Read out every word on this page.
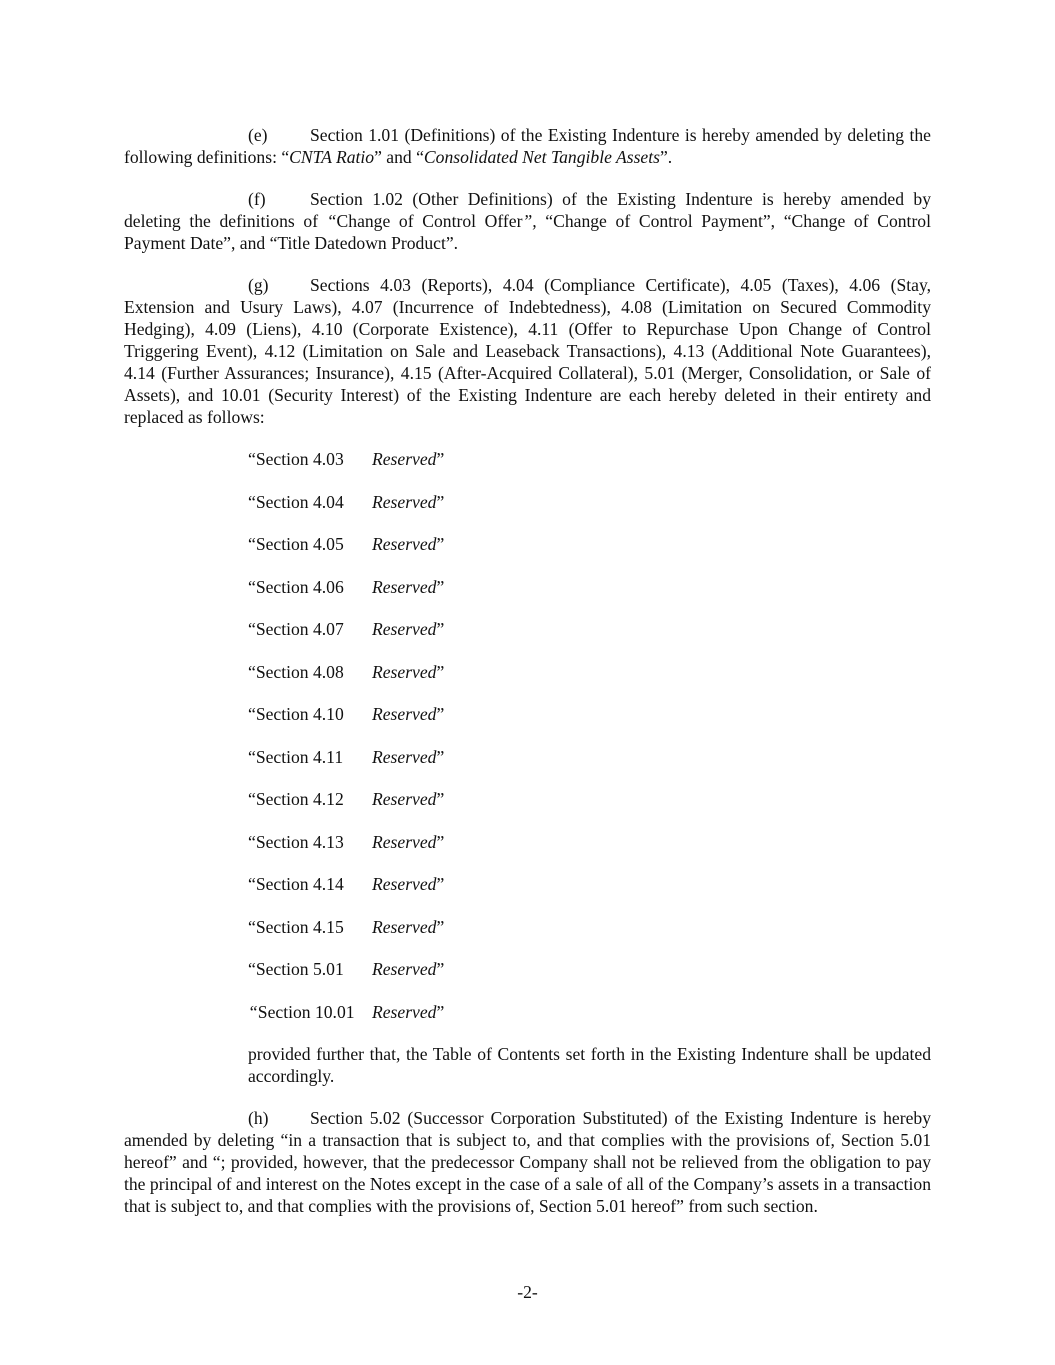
(e) Section 1.01 (Definitions) of the Existing Indenture is hereby amended by deleting the following definitions: “CNTA Ratio” and “Consolidated Net Tangible Assets”.

(f)	Section 1.02 (Other Definitions) of the Existing Indenture is hereby amended by deleting the definitions of “Change of Control Offer”, “Change of Control Payment”, “Change of Control Payment Date”, and “Title Datedown Product”.

(g) Sections 4.03 (Reports), 4.04 (Compliance Certificate), 4.05 (Taxes), 4.06 (Stay, Extension and Usury Laws), 4.07 (Incurrence of Indebtedness), 4.08 (Limitation on Secured Commodity Hedging), 4.09 (Liens), 4.10 (Corporate Existence), 4.11 (Offer to Repurchase Upon Change of Control Triggering Event), 4.12 (Limitation on Sale and Leaseback Transactions), 4.13 (Additional Note Guarantees), 4.14 (Further Assurances; Insurance), 4.15 (After-Acquired Collateral), 5.01 (Merger, Consolidation, or Sale of Assets), and 10.01 (Security Interest) of the Existing Indenture are each hereby deleted in their entirety and replaced as follows:

“Section 4.03 Reserved”
“Section 4.04 Reserved”
“Section 4.05 Reserved”
“Section 4.06 Reserved”
“Section 4.07 Reserved”
“Section 4.08 Reserved”
“Section 4.10 Reserved”
“Section 4.11 Reserved”
“Section 4.12 Reserved”
“Section 4.13 Reserved”
“Section 4.14 Reserved”
“Section 4.15 Reserved”
“Section 5.01 Reserved”
“Section 10.01 Reserved”

provided further that, the Table of Contents set forth in the Existing Indenture shall be updated accordingly.

(h) Section 5.02 (Successor Corporation Substituted) of the Existing Indenture is hereby amended by deleting “in a transaction that is subject to, and that complies with the provisions of, Section 5.01 hereof” and “; provided, however, that the predecessor Company shall not be relieved from the obligation to pay the principal of and interest on the Notes except in the case of a sale of all of the Company’s assets in a transaction that is subject to, and that complies with the provisions of, Section 5.01 hereof” from such section.

-2-
